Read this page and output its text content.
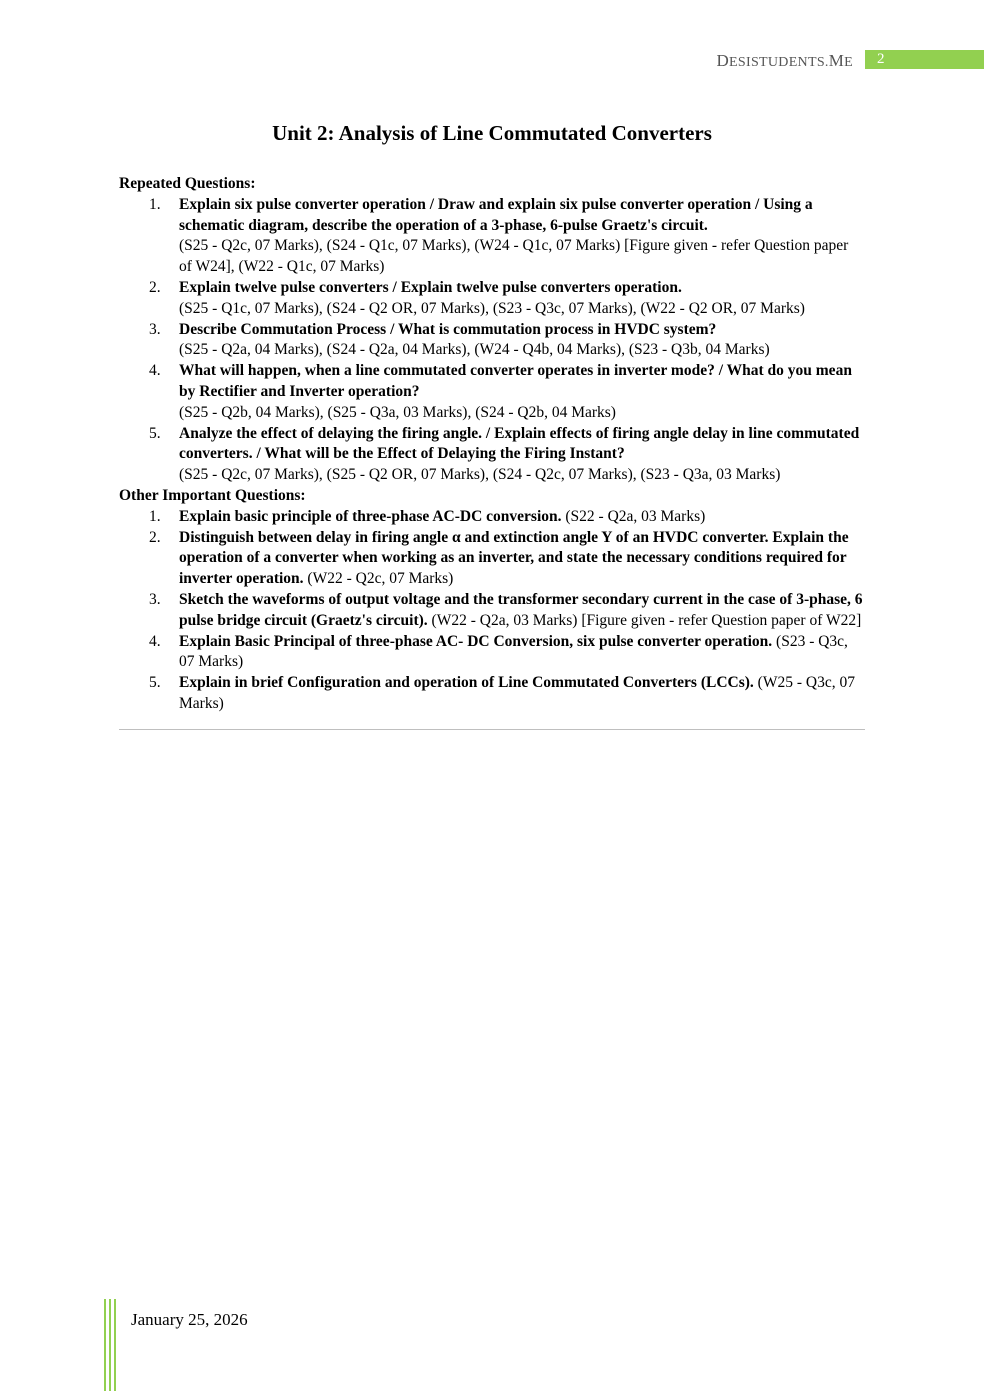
DESISTUDENTS.ME	2
Unit 2: Analysis of Line Commutated Converters
Repeated Questions:
1. Explain six pulse converter operation / Draw and explain six pulse converter operation / Using a schematic diagram, describe the operation of a 3-phase, 6-pulse Graetz's circuit.
(S25 - Q2c, 07 Marks), (S24 - Q1c, 07 Marks), (W24 - Q1c, 07 Marks) [Figure given - refer Question paper of W24], (W22 - Q1c, 07 Marks)
2. Explain twelve pulse converters / Explain twelve pulse converters operation.
(S25 - Q1c, 07 Marks), (S24 - Q2 OR, 07 Marks), (S23 - Q3c, 07 Marks), (W22 - Q2 OR, 07 Marks)
3. Describe Commutation Process / What is commutation process in HVDC system?
(S25 - Q2a, 04 Marks), (S24 - Q2a, 04 Marks), (W24 - Q4b, 04 Marks), (S23 - Q3b, 04 Marks)
4. What will happen, when a line commutated converter operates in inverter mode? / What do you mean by Rectifier and Inverter operation?
(S25 - Q2b, 04 Marks), (S25 - Q3a, 03 Marks), (S24 - Q2b, 04 Marks)
5. Analyze the effect of delaying the firing angle. / Explain effects of firing angle delay in line commutated converters. / What will be the Effect of Delaying the Firing Instant?
(S25 - Q2c, 07 Marks), (S25 - Q2 OR, 07 Marks), (S24 - Q2c, 07 Marks), (S23 - Q3a, 03 Marks)
Other Important Questions:
1. Explain basic principle of three-phase AC-DC conversion. (S22 - Q2a, 03 Marks)
2. Distinguish between delay in firing angle α and extinction angle Y of an HVDC converter. Explain the operation of a converter when working as an inverter, and state the necessary conditions required for inverter operation. (W22 - Q2c, 07 Marks)
3. Sketch the waveforms of output voltage and the transformer secondary current in the case of 3-phase, 6 pulse bridge circuit (Graetz's circuit). (W22 - Q2a, 03 Marks) [Figure given - refer Question paper of W22]
4. Explain Basic Principal of three-phase AC- DC Conversion, six pulse converter operation. (S23 - Q3c, 07 Marks)
5. Explain in brief Configuration and operation of Line Commutated Converters (LCCs). (W25 - Q3c, 07 Marks)
January 25, 2026
